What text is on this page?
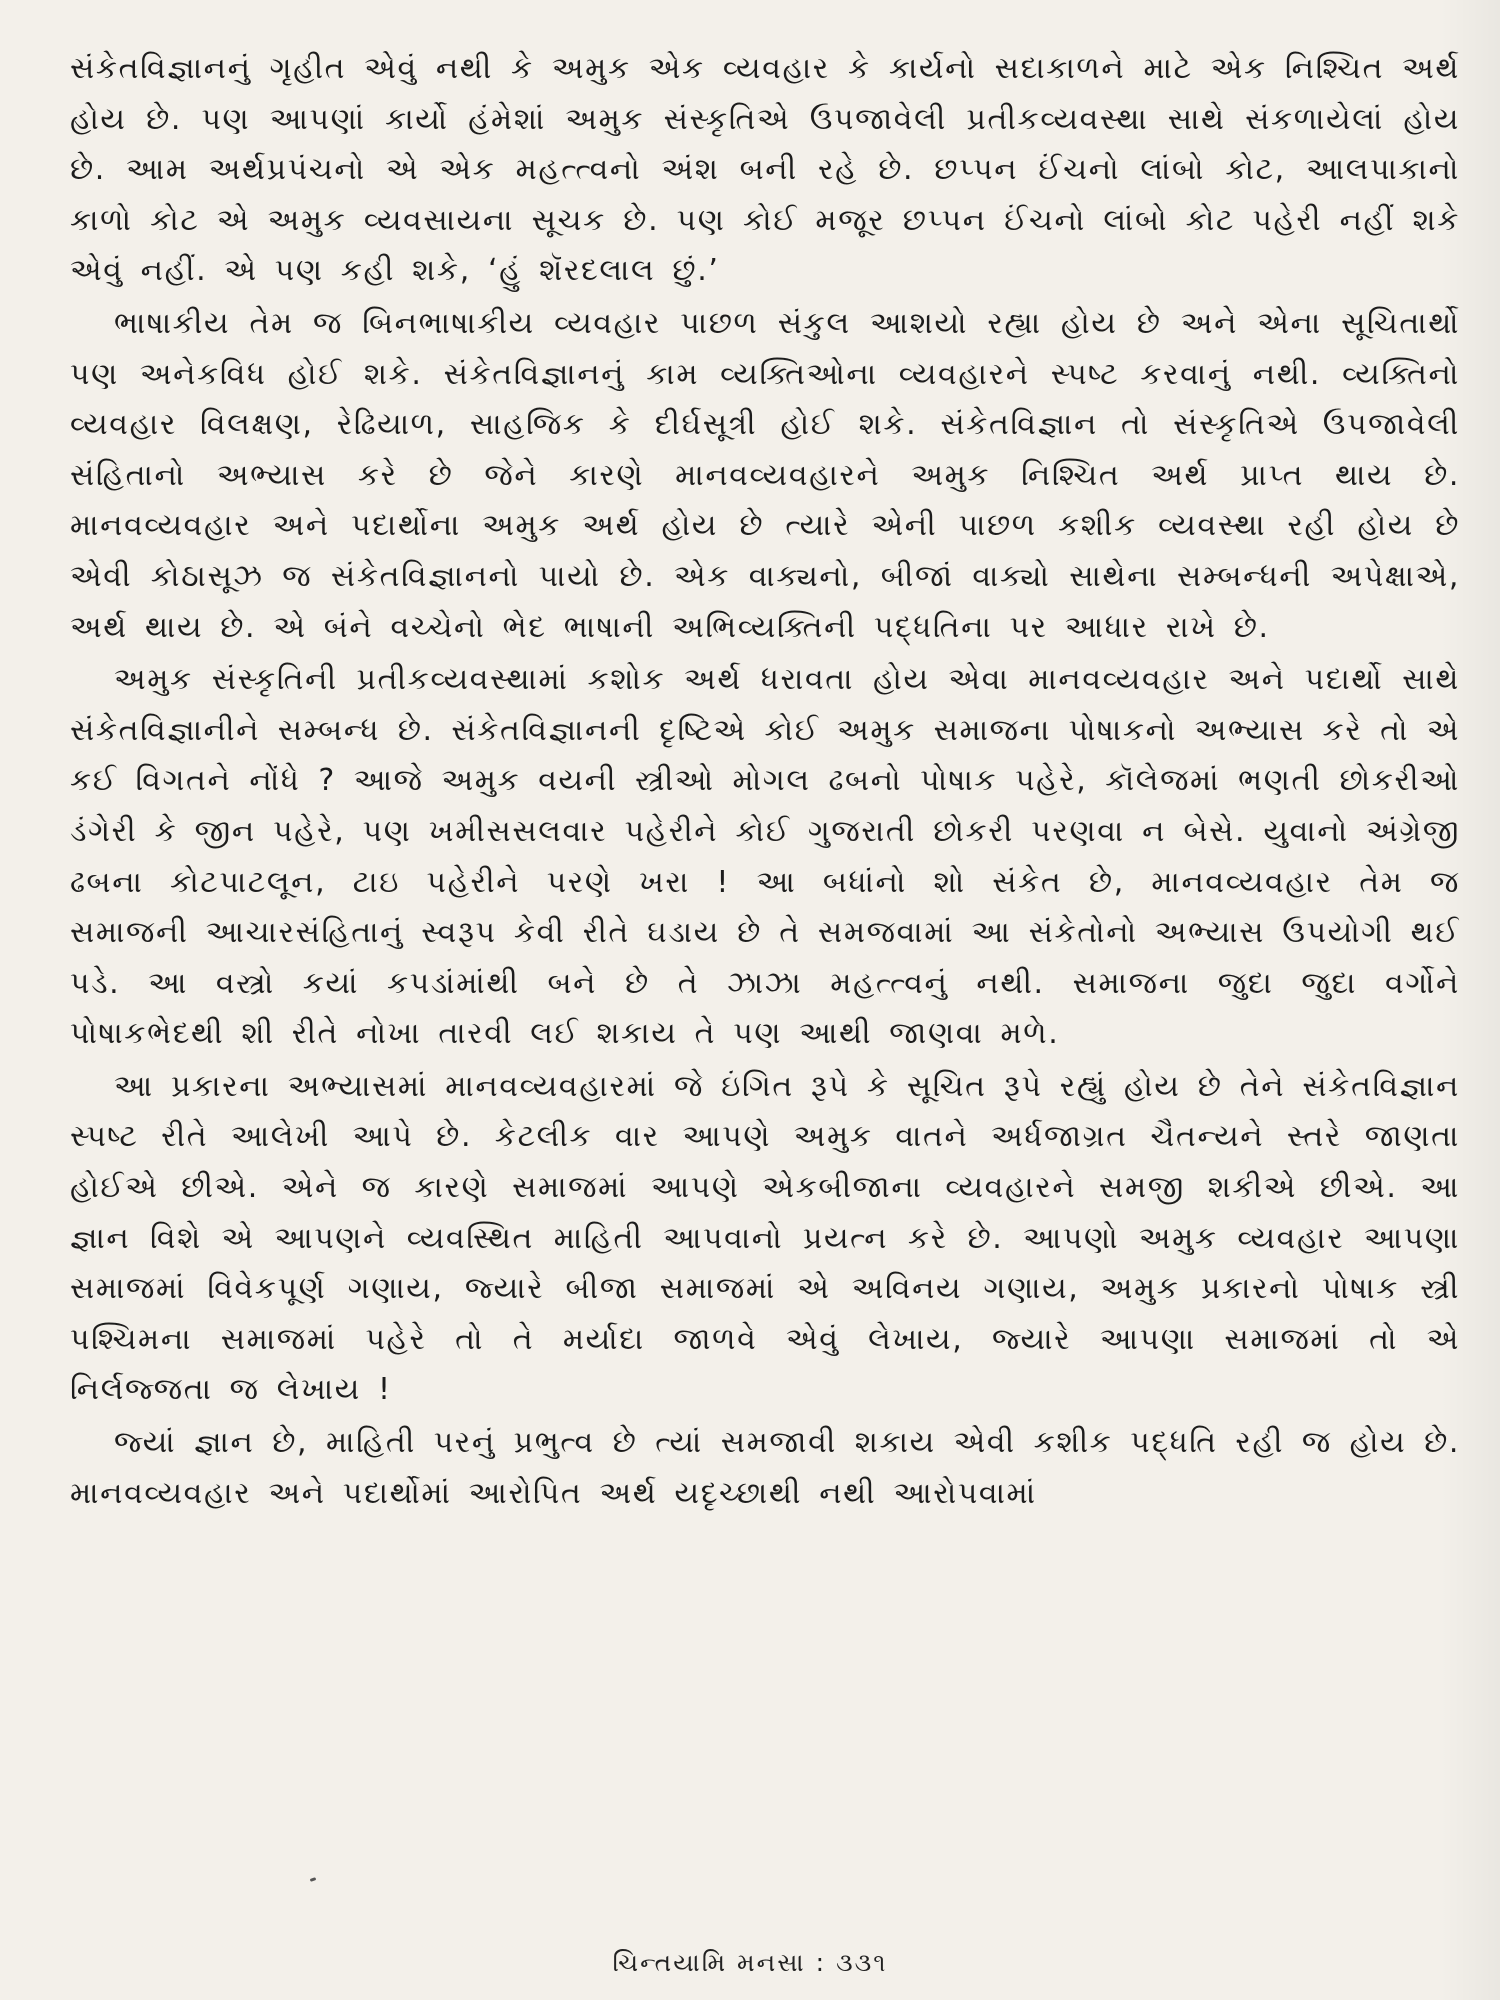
સંકેતવિજ્ઞાનનું ગૃહીત એવું નથી કે અમુક એક વ્યવહાર કે કાર્યનો સદાકાળને માટે એક નિશ્ચિત અર્થ હોય છે. પણ આપણાં કાર્યો હંમેશાં અમુક સંસ્કૃતિએ ઉપજાવેલી પ્રતીકવ્યવસ્થા સાથે સંકળાયેલાં હોય છે. આમ અર્થપ્રપંચનો એ એક મહત્ત્વનો અંશ બની રહે છે. છપ્પન ઈંચનો લાંબો કોટ, આલપાકાનો કાળો કોટ એ અમુક વ્યવસાયના સૂચક છે. પણ કોઈ મજૂર છપ્પન ઈંચનો લાંબો કોટ પહેરી નહીં શકે એવું નહીં. એ પણ કહી શકે, ‘હું શૅરદલાલ છું.’

ભાષાકીય તેમ જ બિનભાષાકીય વ્યવહાર પાછળ સંકુલ આશયો રહ્યા હોય છે અને એના સૂચિતાર્થો પણ અનેકવિધ હોઈ શકે. સંકેતવિજ્ઞાનનું કામ વ્યક્તિઓના વ્યવહારને સ્પષ્ટ કરવાનું નથી. વ્યક્તિનો વ્યવહાર વિલક્ષણ, રેઢિયાળ, સાહજિક કે દીર્ઘસૂત્રી હોઈ શકે. સંકેતવિજ્ઞાન તો સંસ્કૃતિએ ઉપજાવેલી સંહિતાનો અભ્યાસ કરે છે જેને કારણે માનવવ્યવહારને અમુક નિશ્ચિત અર્થ પ્રાપ્ત થાય છે. માનવવ્યવહાર અને પદાર્થોના અમુક અર્થ હોય છે ત્યારે એની પાછળ કશીક વ્યવસ્થા રહી હોય છે એવી કોઠાસૂઝ જ સંકેતવિજ્ઞાનનો પાયો છે. એક વાક્યનો, બીજાં વાક્યો સાથેના સમ્બન્ધની અપેક્ષાએ, અર્થ થાય છે. એ બંને વચ્ચેનો ભેદ ભાષાની અભિવ્યક્તિની પદ્ધતિના પર આધાર રાખે છે.

અમુક સંસ્કૃતિની પ્રતીકવ્યવસ્થામાં કશોક અર્થ ધરાવતા હોય એવા માનવવ્યવહાર અને પદાર્થો સાથે સંકેતવિજ્ઞાનીને સમ્બન્ધ છે. સંકેતવિજ્ઞાનની દૃષ્ટિએ કોઈ અમુક સમાજના પોષાકનો અભ્યાસ કરે તો એ કઈ વિગતને નોંધે ? આજે અમુક વયની સ્ત્રીઓ મોગલ ઢબનો પોષાક પહેરે, કૉલેજમાં ભણતી છોકરીઓ ડંગેરી કે જીન પહેરે, પણ ખમીસસલવાર પહેરીને કોઈ ગુજરાતી છોકરી પરણવા ન બેસે. યુવાનો અંગ્રેજી ઢબના કોટપાટલૂન, ટાઇ પહેરીને પરણે ખરા ! આ બધાંનો શો સંકેત છે, માનવવ્યવહાર તેમ જ સમાજની આચારસંહિતાનું સ્વરૂપ કેવી રીતે ઘડાય છે તે સમજવામાં આ સંકેતોનો અભ્યાસ ઉપયોગી થઈ પડે. આ વસ્ત્રો કયાં કપડાંમાંથી બને છે તે ઝાઝા મહત્ત્વનું નથી. સમાજના જુદા જુદા વર્ગોને પોષાકભેદથી શી રીતે નોખા તારવી લઈ શકાય તે પણ આથી જાણવા મળે.

આ પ્રકારના અભ્યાસમાં માનવવ્યવહારમાં જે ઇંગિત રૂપે કે સૂચિત રૂપે રહ્યું હોય છે તેને સંકેતવિજ્ઞાન સ્પષ્ટ રીતે આલેખી આપે છે. કેટલીક વાર આપણે અમુક વાતને અર્ધજાગ્રત ચૈતન્યને સ્તરે જાણતા હોઈએ છીએ. એને જ કારણે સમાજમાં આપણે એકબીજાના વ્યવહારને સમજી શકીએ છીએ. આ જ્ઞાન વિશે એ આપણને વ્યવસ્થિત માહિતી આપવાનો પ્રયત્ન કરે છે. આપણો અમુક વ્યવહાર આપણા સમાજમાં વિવેકપૂર્ણ ગણાય, જ્યારે બીજા સમાજમાં એ અવિનય ગણાય, અમુક પ્રકારનો પોષાક સ્ત્રી પશ્ચિમના સમાજમાં પહેરે તો તે મર્યાદા જાળવે એવું લેખાય, જ્યારે આપણા સમાજમાં તો એ નિર્લજ્જતા જ લેખાય !

જ્યાં જ્ઞાન છે, માહિતી પરનું પ્રભુત્વ છે ત્યાં સમજાવી શકાય એવી કશીક પદ્ધતિ રહી જ હોય છે. માનવવ્યવહાર અને પદાર્થોમાં આરોપિત અર્થ યદૃચ્છાથી નથી આરોપવામાં

ચિન્તયામિ મનસા : ૩૩૧
